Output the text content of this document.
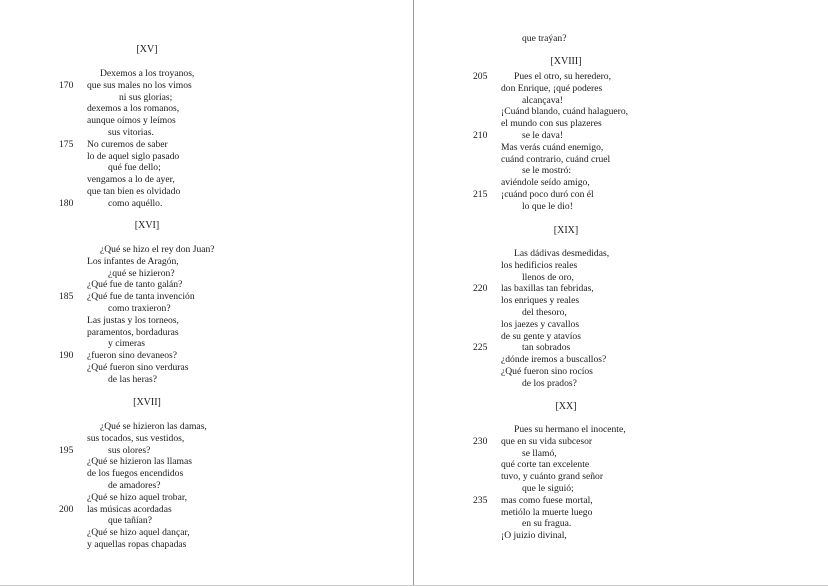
[XV]
Dexemos a los troyanos,
170 que sus males no los vimos
ni sus glorias;
dexemos a los romanos,
aunque oímos y leímos
sus vitorias.
175 No curemos de saber
lo de aquel siglo pasado
qué fue dello;
vengamos a lo de ayer,
que tan bien es olvidado
180	como aquéllo.
[XVI]
¿Qué se hizo el rey don Juan?
Los infantes de Aragón,
¿qué se hizieron?
¿Qué fue de tanto galán?
185 ¿Qué fue de tanta invención
como traxieron?
Las justas y los torneos,
paramentos, bordaduras
y cimeras
190 ¿fueron sino devaneos?
¿Qué fueron sino verduras
de las heras?
[XVII]
¿Qué se hizieron las damas,
sus tocados, sus vestidos,
195	sus olores?
¿Qué se hizieron las llamas
de los fuegos encendidos
de amadores?
¿Qué se hizo aquel trobar,
200 las músicas acordadas
que tañían?
¿Qué se hizo aquel dançar,
y aquellas ropas chapadas
que traýan?
[XVIII]
205	Pues el otro, su heredero,
don Enrique, ¡qué poderes
alcançava!
¡Cuánd blando, cuánd halaguero,
el mundo con sus plazeres
210	se le dava!
Mas verás cuánd enemigo,
cuánd contrario, cuánd cruel
se le mostró:
aviéndole seído amigo,
215 ¡cuánd poco duró con él
lo que le dio!
[XIX]
Las dádivas desmedidas,
los hedificios reales
llenos de oro,
220 las baxillas tan febridas,
los enriques y reales
del thesoro,
los jaezes y cavallos
de su gente y atavíos
225	tan sobrados
¿dónde iremos a buscallos?
¿Qué fueron sino rocíos
de los prados?
[XX]
Pues su hermano el inocente,
230 que en su vida subcesor
se llamó,
qué corte tan excelente
tuvo, y cuánto grand señor
que le siguió;
235 mas como fuese mortal,
metiólo la muerte luego
en su fragua.
¡O juizio divinal,
